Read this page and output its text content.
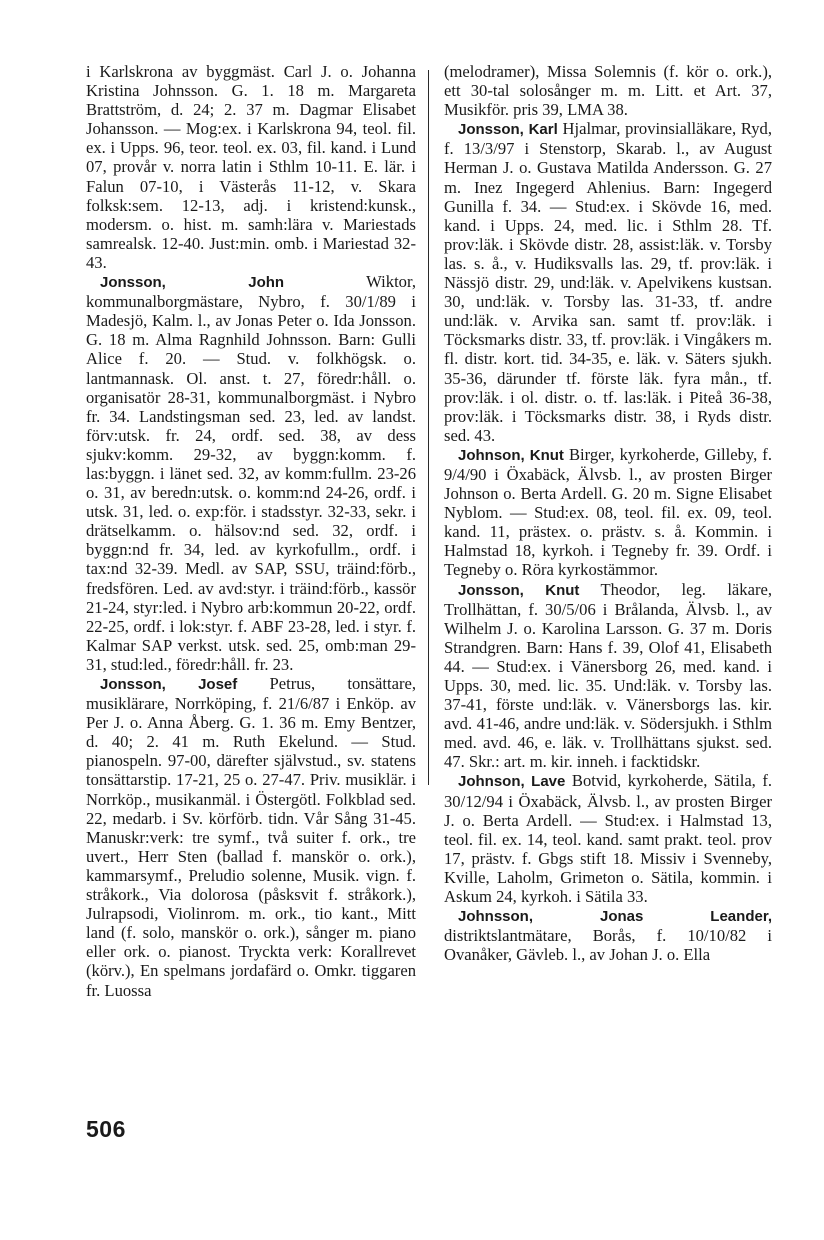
i Karlskrona av byggmäst. Carl J. o. Johanna Kristina Johnsson. G. 1. 18 m. Margareta Brattström, d. 24; 2. 37 m. Dagmar Elisabet Johansson. — Mog:ex. i Karlskrona 94, teol. fil. ex. i Upps. 96, teor. teol. ex. 03, fil. kand. i Lund 07, provår v. norra latin i Sthlm 10-11. E. lär. i Falun 07-10, i Västerås 11-12, v. Skara folksk:sem. 12-13, adj. i kristend:kunsk., modersm. o. hist. m. samh:lära v. Mariestads samrealsk. 12-40. Just:min. omb. i Mariestad 32-43.

Jonsson, John	Wiktor, kommunalborgmästare, Nybro, f. 30/1/89 i Madesjö, Kalm. l., av Jonas Peter o. Ida Jonsson. G. 18 m. Alma Ragnhild Johnsson. Barn: Gulli Alice f. 20. — Stud. v. folkhögsk. o. lantmannask. Ol. anst. t. 27, föredr:håll. o. organisatör 28-31, kommunalborgmäst. i Nybro fr. 34. Landstingsman sed. 23, led. av landst. förv:utsk. fr. 24, ordf. sed. 38, av dess sjukv:komm. 29-32, av byggn:komm. f. las:byggn. i länet sed. 32, av komm:fullm. 23-26 o. 31, av beredn:utsk. o. komm:nd 24-26, ordf. i utsk. 31, led. o. exp:för. i stadsstyr. 32-33, sekr. i drätselkamm. o. hälsov:nd sed. 32, ordf. i byggn:nd fr. 34, led. av kyrkofullm., ordf. i tax:nd 32-39. Medl. av SAP, SSU, träind:förb., fredsfören. Led. av avd:styr. i träind:förb., kassör 21-24, styr:led. i Nybro arb:kommun 20-22, ordf. 22-25, ordf. i lok:styr. f. ABF 23-28, led. i styr. f. Kalmar SAP verkst. utsk. sed. 25, omb:man 29-31, stud:led., föredr:håll. fr. 23.

Jonsson, Josef Petrus, tonsättare, musiklärare, Norrköping, f. 21/6/87 i Enköp. av Per J. o. Anna Åberg. G. 1. 36 m. Emy Bentzer, d. 40; 2. 41 m. Ruth Ekelund. — Stud. pianospeln. 97-00, därefter självstud., sv. statens tonsättarstip. 17-21, 25 o. 27-47. Priv. musiklär. i Norrköp., musikanmäl. i Östergötl. Folkblad sed. 22, medarb. i Sv. körförb. tidn. Vår Sång 31-45. Manuskr:verk: tre symf., två suiter f. ork., tre uvert., Herr Sten (ballad f. manskör o. ork.), kammarsymf., Preludio solenne, Musik. vign. f. stråkork., Via dolorosa (påsksvit f. stråkork.), Julrapsodi, Violinrom. m. ork., tio kant., Mitt land (f. solo, manskör o. ork.), sånger m. piano eller ork. o. pianost. Tryckta verk: Korallrevet (körv.), En spelmans jordafärd o. Omkr. tiggaren fr. Luossa

(melodramer), Missa Solemnis (f. kör o. ork.), ett 30-tal solosånger m. m. Litt. et Art. 37, Musikför. pris 39, LMA 38.

Jonsson, Karl Hjalmar, provinsialläkare, Ryd, f. 13/3/97 i Stenstorp, Skarab. l., av August Herman J. o. Gustava Matilda Andersson. G. 27 m. Inez Ingegerd Ahlenius. Barn: Ingegerd Gunilla f. 34. — Stud:ex. i Skövde 16, med. kand. i Upps. 24, med. lic. i Sthlm 28. Tf. prov:läk. i Skövde distr. 28, assist:läk. v. Torsby las. s. å., v. Hudiksvalls las. 29, tf. prov:läk. i Nässjö distr. 29, und:läk. v. Apelvikens kustsan. 30, und:läk. v. Torsby las. 31-33, tf. andre und:läk. v. Arvika san. samt tf. prov:läk. i Töcksmarks distr. 33, tf. prov:läk. i Vingåkers m. fl. distr. kort. tid. 34-35, e. läk. v. Säters sjukh. 35-36, därunder tf. förste läk. fyra mån., tf. prov:läk. i ol. distr. o. tf. las:läk. i Piteå 36-38, prov:läk. i Töcksmarks distr. 38, i Ryds distr. sed. 43.

Johnson, Knut Birger, kyrkoherde, Gilleby, f. 9/4/90 i Öxabäck, Älvsb. l., av prosten Birger Johnson o. Berta Ardell. G. 20 m. Signe Elisabet Nyblom. — Stud:ex. 08, teol. fil. ex. 09, teol. kand. 11, prästex. o. prästv. s. å. Kommin. i Halmstad 18, kyrkoh. i Tegneby fr. 39. Ordf. i Tegneby o. Röra kyrkostämmor.

Jonsson, Knut Theodor, leg. läkare, Trollhättan, f. 30/5/06 i Brålanda, Älvsb. l., av Wilhelm J. o. Karolina Larsson. G. 37 m. Doris Strandgren. Barn: Hans f. 39, Olof 41, Elisabeth 44. — Stud:ex. i Vänersborg 26, med. kand. i Upps. 30, med. lic. 35. Und:läk. v. Torsby las. 37-41, förste und:läk. v. Vänersborgs las. kir. avd. 41-46, andre und:läk. v. Södersjukh. i Sthlm med. avd. 46, e. läk. v. Trollhättans sjukst. sed. 47. Skr.: art. m. kir. inneh. i facktidskr.

Johnson, Lave Botvid, kyrkoherde, Sätila, f. 30/12/94 i Öxabäck, Älvsb. l., av prosten Birger J. o. Berta Ardell. — Stud:ex. i Halmstad 13, teol. fil. ex. 14, teol. kand. samt prakt. teol. prov 17, prästv. f. Gbgs stift 18. Missiv i Svenneby, Kville, Laholm, Grimeton o. Sätila, kommin. i Askum 24, kyrkoh. i Sätila 33.

Johnsson, Jonas Leander, distriktslantmätare, Borås, f. 10/10/82 i Ovanåker, Gävleb. l., av Johan J. o. Ella

506
